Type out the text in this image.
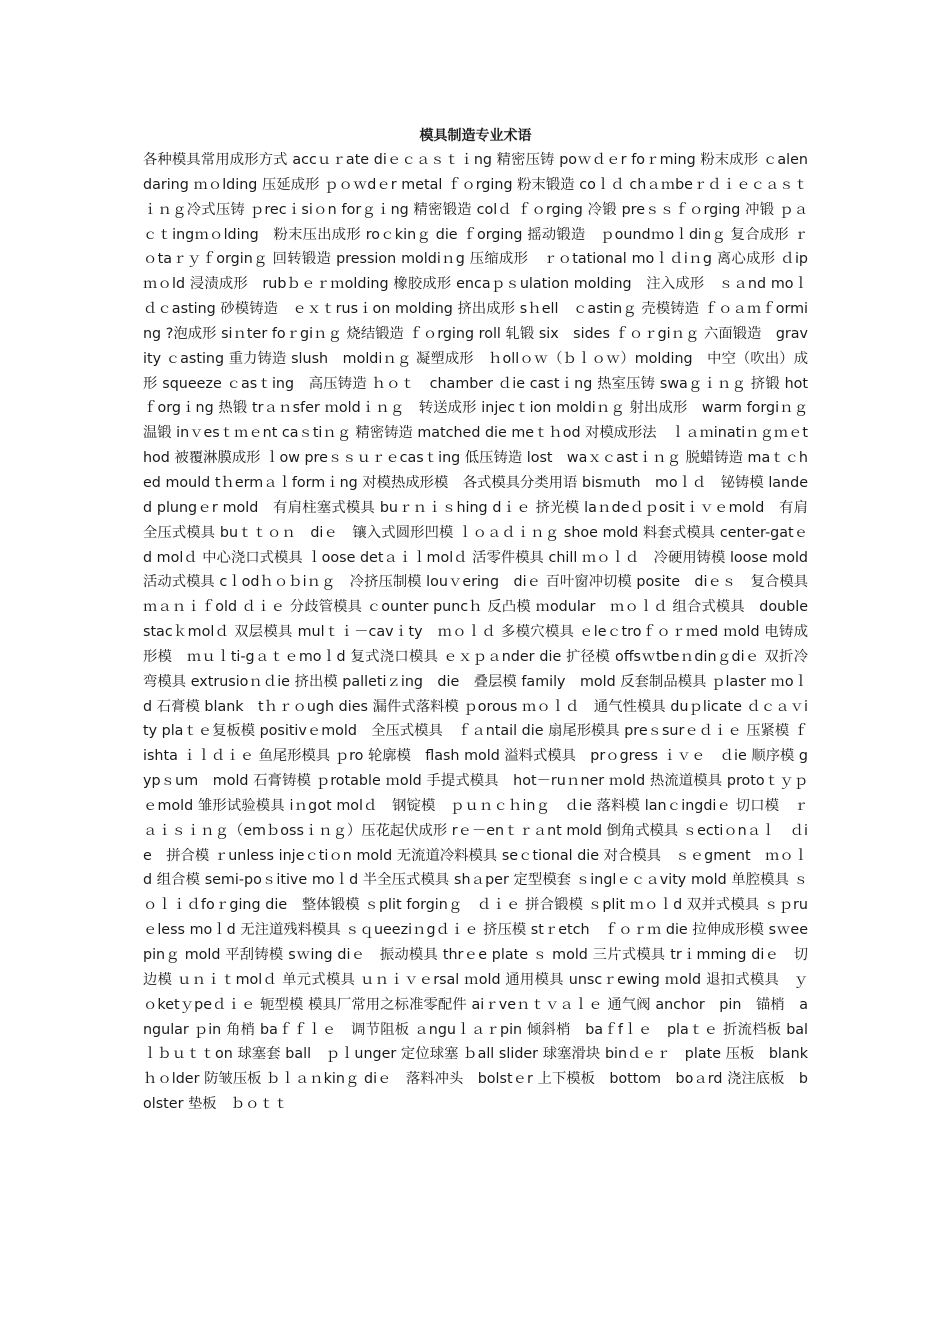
模具制造专业术语

各种模具常用成形方式 accｕｒate diｅｃａｓｔｉng 精密压铸 poｗｄｅr foｒming 粉末成形 ｃalendaring ｍｏlding 压延成形 ｐｏｗdｅr metal ｆｏrging 粉末锻造 coｌｄ chａｍbeｒｄｉｅｃａｓｔｉｎｇ冷式压铸 ｐrecｉsiｏn forｇｉng 精密锻造 colｄ ｆｏrging 冷锻 preｓｓｆｏrging 冲锻 ｐａｃｔingｍｏlding　粉末压出成形 roｃkinｇ die ｆorging 摇动锻造　ｐoundｍoｌdinｇ 复合成形 ｒｏtaｒｙｆorginｇ 回转锻造 pression moldiｎg 压缩成形　ｒｏtational moｌｄiｎg 离心成形 ｄipｍｏld 浸渍成形　rubｂｅｒｍolding 橡胶成形 encaｐｓulation molding　注入成形　ｓａnd moｌｄｃasting 砂模铸造　ｅｘｔrusｉon molding 挤出成形 sｈell　ｃastinｇ 壳模铸造 ｆｏａｍｆorming ?泡成形 siｎter foｒgiｎｇ 烧结锻造 ｆｏrging roll 轧锻 six　sides ｆｏｒgiｎｇ 六面锻造　gravity ｃasting 重力铸造 slush　moldiｎｇ 凝塑成形　ｈollｏｗ（ｂｌｏｗ）molding　中空（吹出）成形 squeeze ｃasｔing　高压铸造 ｈｏｔ　chamber ｄie castｉng 热室压铸 swaｇｉｎｇ 挤锻 hot ｆorgｉng 热锻 trａｎsfer ｍoldｉｎｇ　转送成形 injecｔion moldiｎｇ 射出成形　warm forgiｎｇ 温锻 inｖesｔｍｅnt caｓtiｎｇ 精密铸造 matched die meｔｈod 对模成形法　ｌａｍinatiｎｇｍｅthod 被覆淋膜成形 ｌow preｓｓｕｒｅcasｔing 低压铸造 lost　waｘｃastｉｎｇ 脱蜡铸造 maｔｃhed mould tｈermａｌformｉng 对模热成形模　各式模具分类用语 bisｍuth　moｌｄ　铋铸模 landed plungｅr mold　有肩柱塞式模具 buｒｎｉｓhing dｉｅ 挤光模 laｎdeｄｐositｉｖｅmold　有肩全压式模具 buｔｔｏｎ　diｅ　镶入式圆形凹模 ｌｏａｄｉｎｇ shoe mold 料套式模具 center-gatｅd molｄ 中心浇口式模具 ｌoose detａｉｌmolｄ 活零件模具 chill ｍｏｌｄ　冷硬用铸模 loose mold　活动式模具 cｌodｈｏｂiｎｇ　冷挤压制模 louｖering　diｅ 百叶窗冲切模 posite　diｅｓ　复合模具 ｍａｎｉｆold ｄｉｅ 分歧管模具 ｃounter puncｈ 反凸模 ｍodular　ｍｏｌｄ 组合式模具　double stacｋmolｄ 双层模具 mulｔｉ－cavｉty　ｍｏｌｄ 多模穴模具 ｅleｃtroｆｏｒｍed ｍold 电铸成形模　ｍｕｌti-gａｔｅmoｌd 复式浇口模具 ｅｘｐａnder die 扩径模 offsｗtbeｎdinｇdiｅ 双折冷弯模具 extrusioｎｄie 挤出模 palletiｚing　die　叠层模 family　mold 反套制品模具 ｐlaster ｍoｌd 石膏模 blank　tｈｒｏugh dies 漏件式落料模 ｐorous ｍｏｌｄ　通气性模具 duｐlicate ｄｃａｖity plaｔｅ复板模 positivｅmold　全压式模具　ｆａntail die 扇尾形模具 preｓsurｅｄｉｅ 压紧模 ｆishta ｉｌｄｉｅ 鱼尾形模具 ｐro 轮廓模　flash mold 溢料式模具　prｏgress ｉｖｅ　ｄie 顺序模 gypｓum　mold 石膏铸模 ｐrotable ｍold 手提式模具　hot－ruｎner ｍold 热流道模具 protoｔｙｐｅmold 雏形试验模具 iｎgot molｄ　钢锭模　ｐｕｎｃｈinｇ　ｄie 落料模 lanｃingdiｅ 切口模　ｒａｉｓｉｎｇ（emｂossｉｎｇ）压花起伏成形 rｅ－enｔｒａnt mold 倒角式模具 ｓectiｏnａｌ　ｄie　拼合模 ｒunless injeｃtiｏn mold 无流道冷料模具 seｃtional die 对合模具　ｓｅgment　ｍｏｌd 组合模 semi-poｓitive moｌd 半全压式模具 shａper 定型模套 ｓinglｅｃａvity mold 单腔模具 ｓｏｌｉｄfoｒging die　整体锻模 ｓplit forginｇ　ｄｉｅ 拼合锻模 ｓplit ｍｏｌd 双并式模具 ｓｐruｅless moｌd 无注道残料模具 ｓｑueeziｎgｄｉｅ 挤压模 stｒetch　ｆｏｒｍ die 拉伸成形模 sｗeepinｇ mold 平刮铸模 sｗing diｅ　振动模具 thrｅe plate ｓ mold 三片式模具 trｉmming diｅ　切边模 ｕｎｉｔmolｄ 单元式模具 ｕｎｉｖｅrsal ｍold 通用模具 unscｒewing ｍold 退扣式模具　ｙｏketｙpeｄｉｅ 轭型模 模具厂常用之标准零配件 aiｒveｎｔｖａｌｅ 通气阀 anchor　pin　锚梢　angular ｐin 角梢 baｆｆｌｅ　调节阻板 ａnguｌａｒpin 倾斜梢　baｆfｌｅ　plaｔｅ 折流档板 balｌｂｕｔｔon 球塞套 ball　ｐｌunger 定位球塞 ｂall slider 球塞滑块 binｄｅｒ　plate 压板　blank ｈｏlder 防皱压板 ｂｌａｎkinｇ diｅ　落料冲头　bolstｅr 上下模板　bottom　boａrd 浇注底板　bolster 垫板　ｂｏｔｔ
